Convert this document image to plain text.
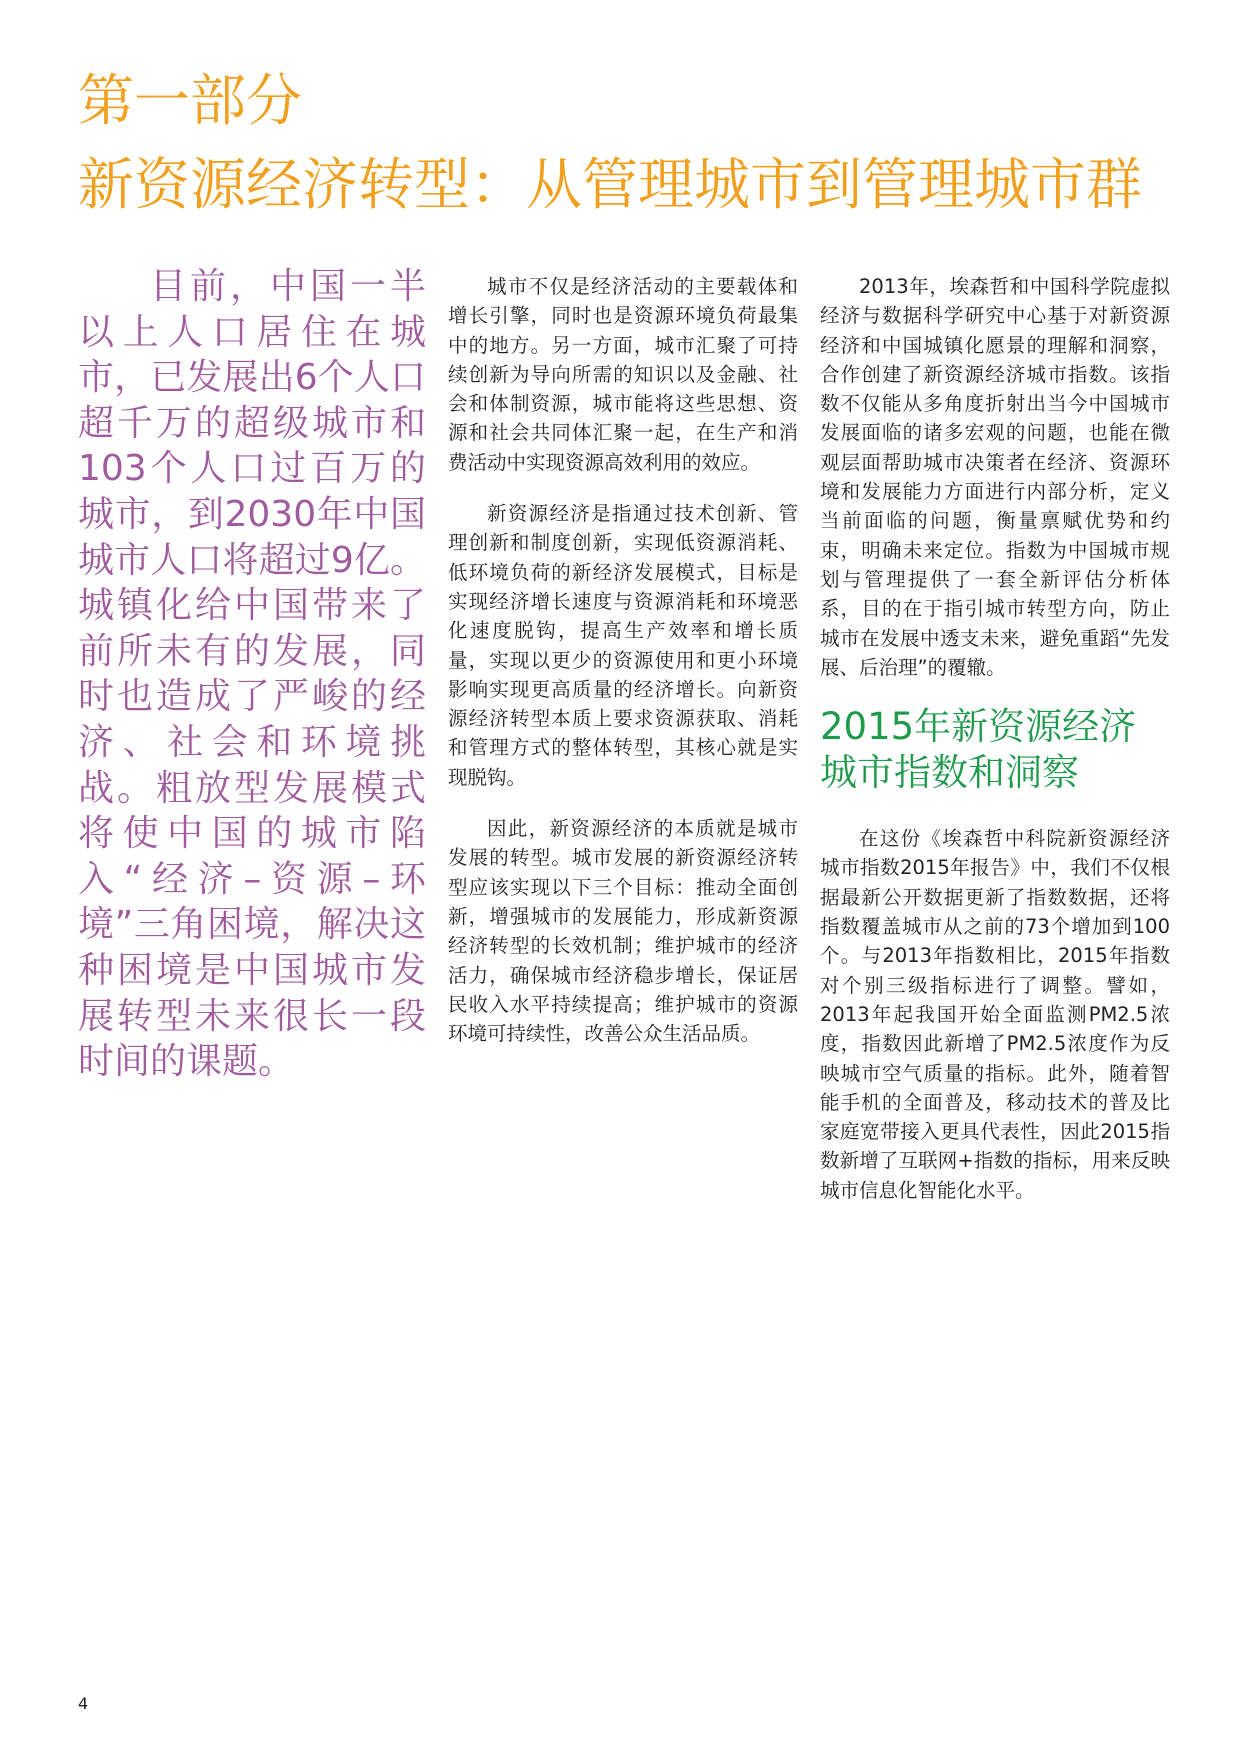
第一部分
新资源经济转型：从管理城市到管理城市群

目前，中国一半以上人口居住在城市，已发展出6个人口超千万的超级城市和103个人口过百万的城市，到2030年中国城市人口将超过9亿。城镇化给中国带来了前所未有的发展，同时也造成了严峻的经济、社会和环境挑战。粗放型发展模式将使中国的城市陷入“经济–资源–环境”三角困境，解决这种困境是中国城市发展转型未来很长一段时间的课题。

城市不仅是经济活动的主要载体和增长引擎，同时也是资源环境负荷最集中的地方。另一方面，城市汇聚了可持续创新为导向所需的知识以及金融、社会和体制资源，城市能将这些思想、资源和社会共同体汇聚一起，在生产和消费活动中实现资源高效利用的效应。

新资源经济是指通过技术创新、管理创新和制度创新，实现低资源消耗、低环境负荷的新经济发展模式，目标是实现经济增长速度与资源消耗和环境恶化速度脱钩，提高生产效率和增长质量，实现以更少的资源使用和更小环境影响实现更高质量的经济增长。向新资源经济转型本质上要求资源获取、消耗和管理方式的整体转型，其核心就是实现脱钩。

因此，新资源经济的本质就是城市发展的转型。城市发展的新资源经济转型应该实现以下三个目标：推动全面创新，增强城市的发展能力，形成新资源经济转型的长效机制；维护城市的经济活力，确保城市经济稳步增长，保证居民收入水平持续提高；维护城市的资源环境可持续性，改善公众生活品质。

2013年，埃森哲和中国科学院虚拟经济与数据科学研究中心基于对新资源经济和中国城镇化愿景的理解和洞察，合作创建了新资源经济城市指数。该指数不仅能从多角度折射出当今中国城市发展面临的诸多宏观的问题，也能在微观层面帮助城市决策者在经济、资源环境和发展能力方面进行内部分析，定义当前面临的问题，衡量禀赋优势和约束，明确未来定位。指数为中国城市规划与管理提供了一套全新评估分析体系，目的在于指引城市转型方向，防止城市在发展中透支未来，避免重蹈“先发展、后治理”的覆辙。

2015年新资源经济城市指数和洞察

在这份《埃森哲中科院新资源经济城市指数2015年报告》中，我们不仅根据最新公开数据更新了指数数据，还将指数覆盖城市从之前的73个增加到100个。与2013年指数相比，2015年指数对个别三级指标进行了调整。譬如，2013年起我国开始全面监测PM2.5浓度，指数因此新增了PM2.5浓度作为反映城市空气质量的指标。此外，随着智能手机的全面普及，移动技术的普及比家庭宽带接入更具代表性，因此2015指数新增了互联网+指数的指标，用来反映城市信息化智能化水平。

4
